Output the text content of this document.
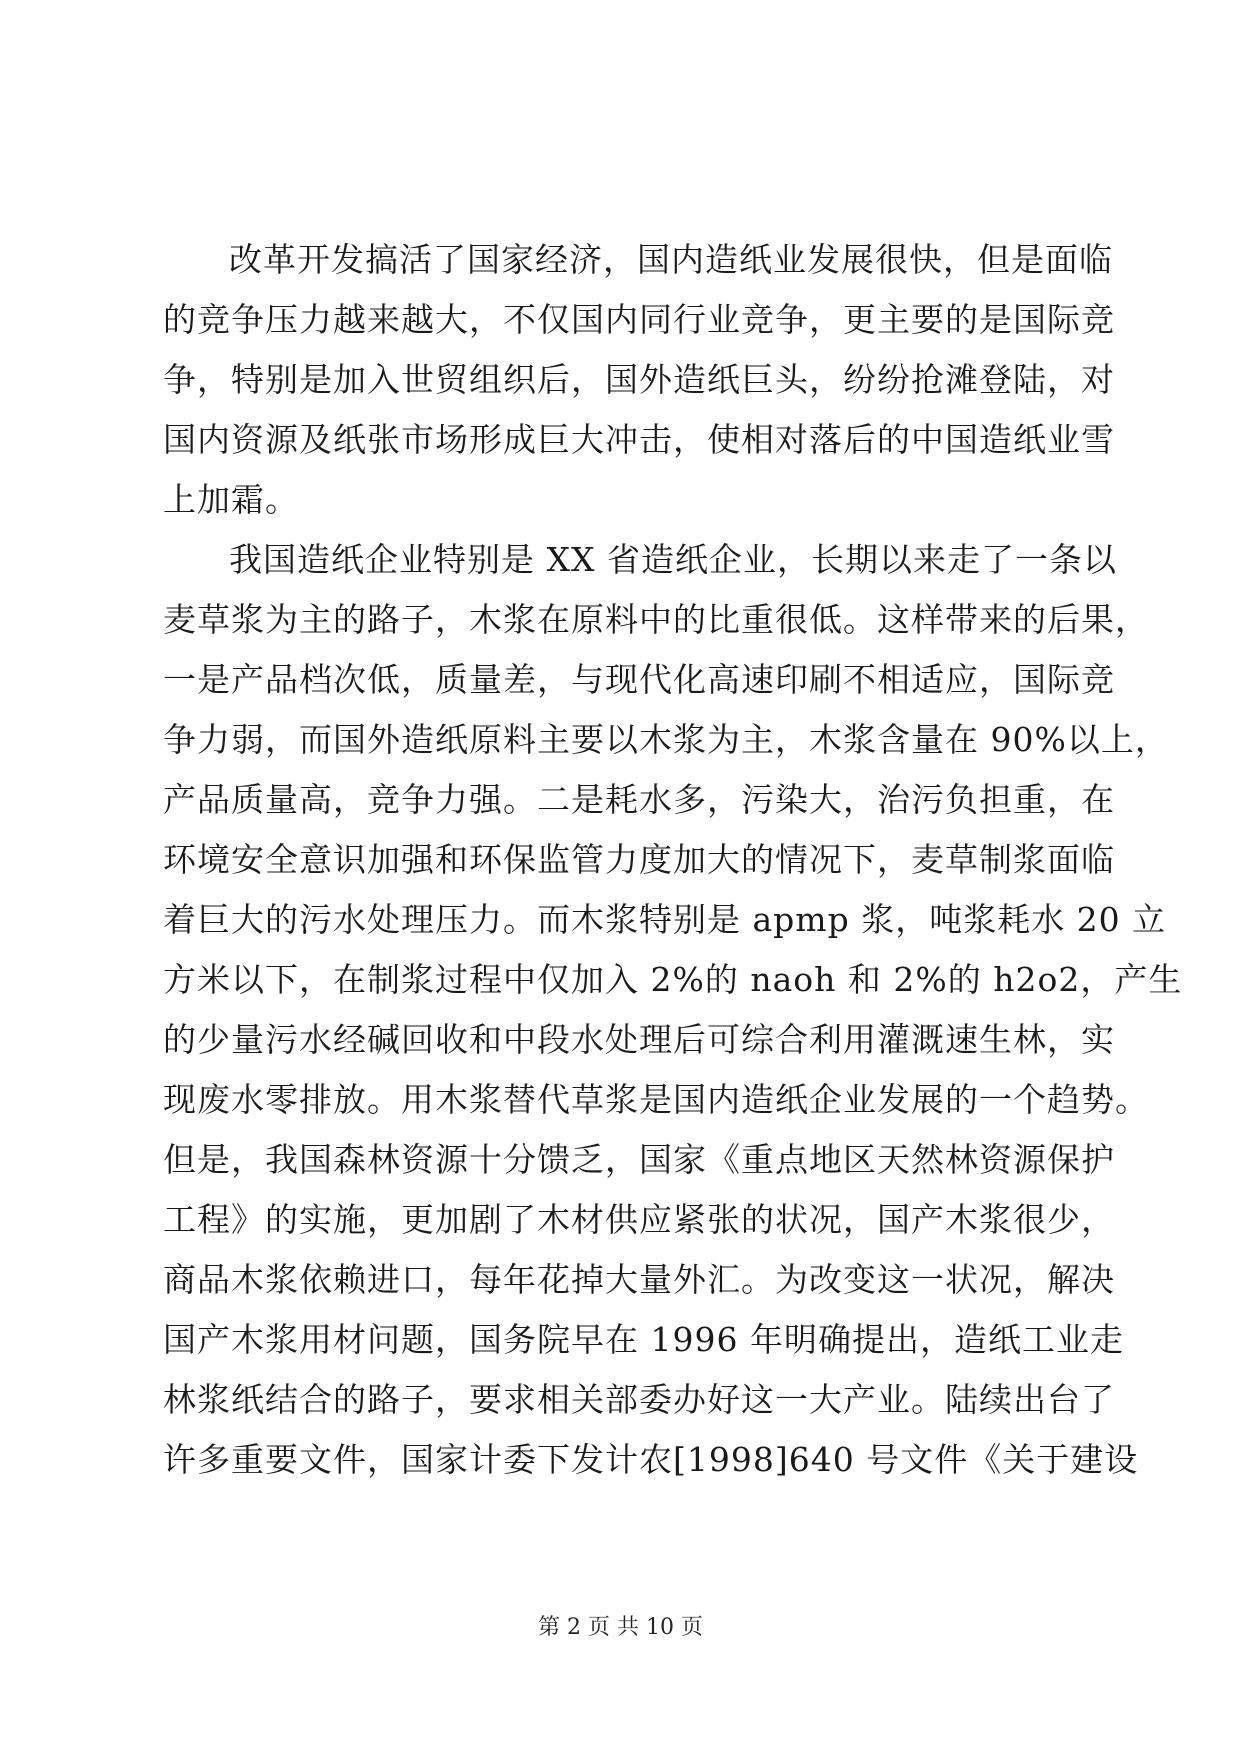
改革开发搞活了国家经济，国内造纸业发展很快，但是面临
的竞争压力越来越大，不仅国内同行业竞争，更主要的是国际竞
争，特别是加入世贸组织后，国外造纸巨头，纷纷抢滩登陆，对
国内资源及纸张市场形成巨大冲击，使相对落后的中国造纸业雪
上加霜。

我国造纸企业特别是 XX 省造纸企业，长期以来走了一条以
麦草浆为主的路子，木浆在原料中的比重很低。这样带来的后果，
一是产品档次低，质量差，与现代化高速印刷不相适应，国际竞
争力弱，而国外造纸原料主要以木浆为主，木浆含量在 90%以上，
产品质量高，竞争力强。二是耗水多，污染大，治污负担重，在
环境安全意识加强和环保监管力度加大的情况下，麦草制浆面临
着巨大的污水处理压力。而木浆特别是 apmp 浆，吨浆耗水 20 立
方米以下，在制浆过程中仅加入 2%的 naoh 和 2%的 h2o2，产生
的少量污水经碱回收和中段水处理后可综合利用灌溉速生林，实
现废水零排放。用木浆替代草浆是国内造纸企业发展的一个趋势。
但是，我国森林资源十分馈乏，国家《重点地区天然林资源保护
工程》的实施，更加剧了木材供应紧张的状况，国产木浆很少，
商品木浆依赖进口，每年花掉大量外汇。为改变这一状况，解决
国产木浆用材问题，国务院早在 1996 年明确提出，造纸工业走
林浆纸结合的路子，要求相关部委办好这一大产业。陆续出台了
许多重要文件，国家计委下发计农[1998]640 号文件《关于建设

第 2 页 共 10 页
